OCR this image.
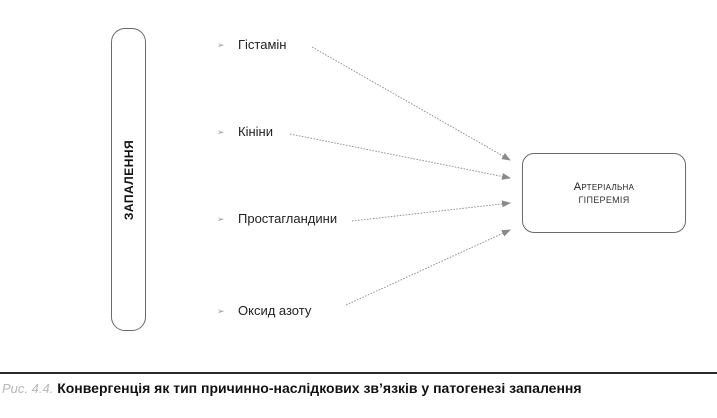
ЗАПАЛЕННЯ
➢ Гістамін
➢ Кініни
➢ Простагландини
➢ Оксид азоту
Артеріальна
ГІПЕРЕМІЯ
Рис. 4.4. Конвергенція як тип причинно-наслідкових зв’язків у патогенезі запалення
